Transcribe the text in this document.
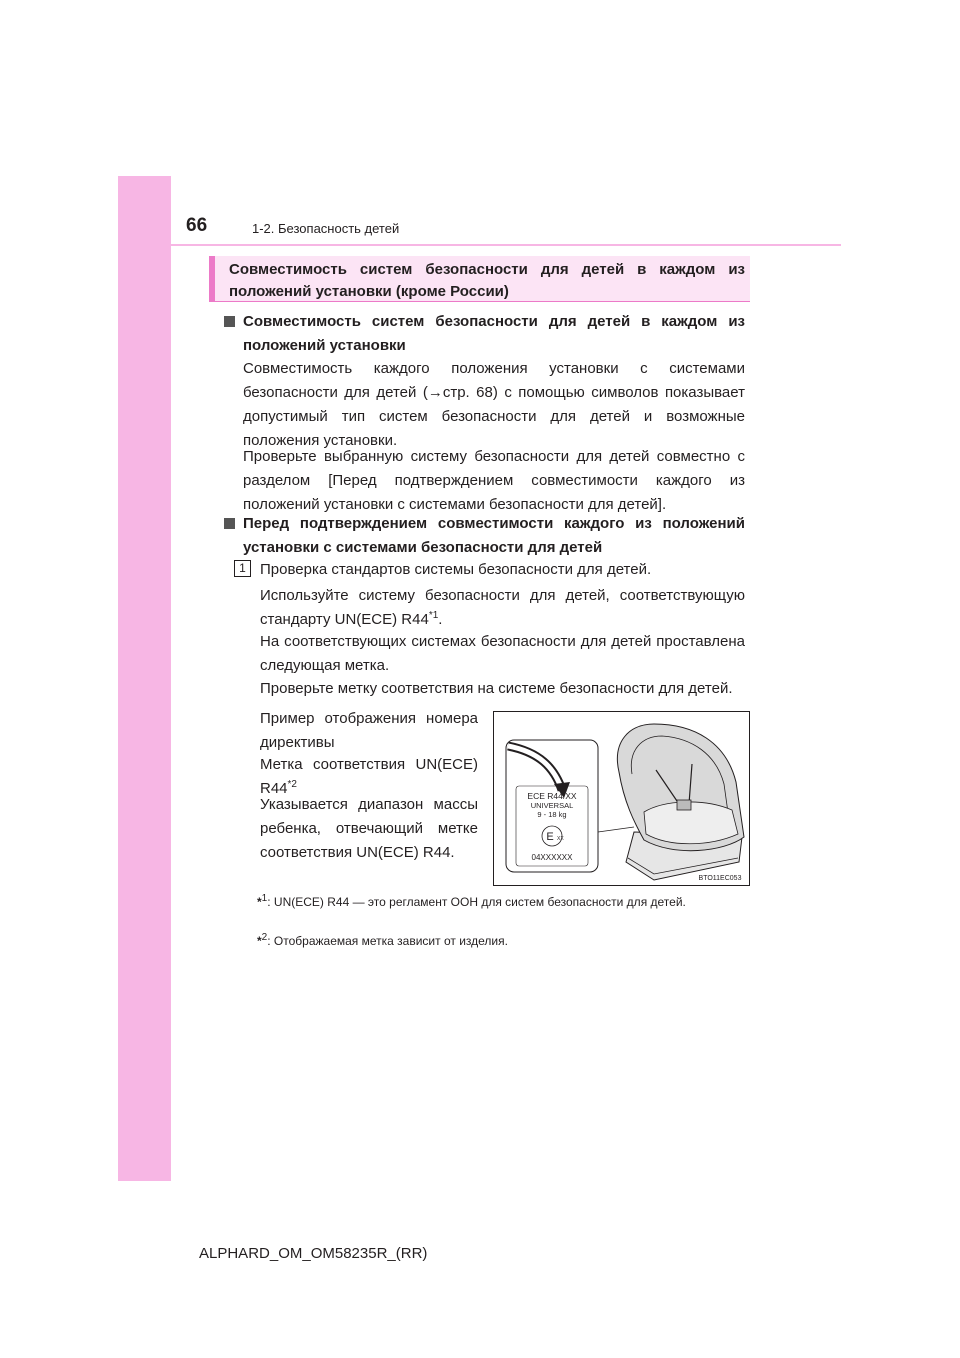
66	1-2. Безопасность детей
Совместимость систем безопасности для детей в каждом из положений установки (кроме России)
Совместимость систем безопасности для детей в каждом из положений установки
Совместимость каждого положения установки с системами безопасности для детей (→стр. 68) с помощью символов показывает допустимый тип систем безопасности для детей и возможные положения установки.
Проверьте выбранную систему безопасности для детей совместно с разделом [Перед подтверждением совместимости каждого из положений установки с системами безопасности для детей].
Перед подтверждением совместимости каждого из положений установки с системами безопасности для детей
1 Проверка стандартов системы безопасности для детей.
Используйте систему безопасности для детей, соответствующую стандарту UN(ECE) R44$^{*1}$.
На соответствующих системах безопасности для детей проставлена следующая метка.
Проверьте метку соответствия на системе безопасности для детей.
Пример отображения номера директивы
Метка соответствия UN(ECE) R44$^{*2}$
Указывается диапазон массы ребенка, отвечающий метке соответствия UN(ECE) R44.
ECE R44/XX
UNIVERSAL
9 - 18 kg
E XX
04XXXXXX
BTO11EC053
*$^1$: UN(ECE) R44 — это регламент ООН для систем безопасности для детей.
*$^2$: Отображаемая метка зависит от изделия.
ALPHARD_OM_OM58235R_(RR)
